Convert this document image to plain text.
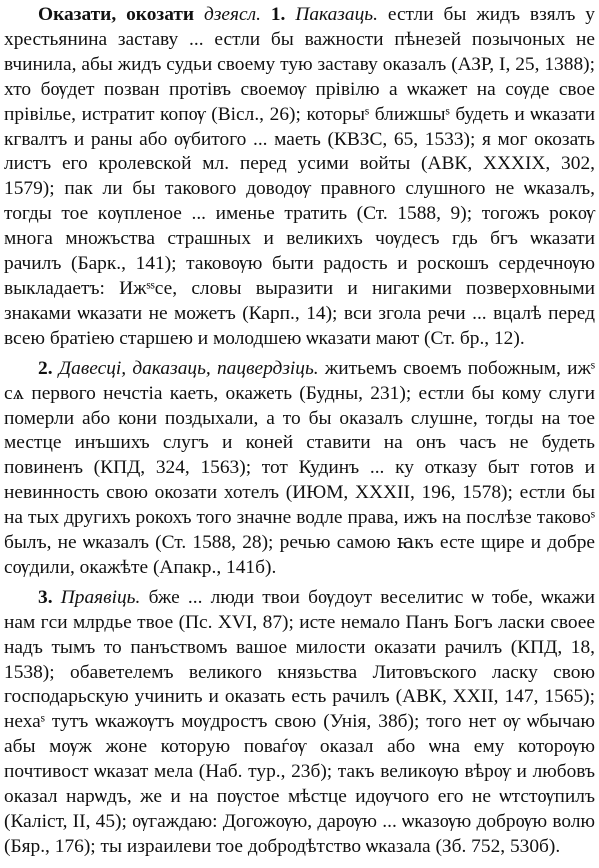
Оказати, окозати дзеясл. 1. Паказаць. естли бы жидъ взялъ у хрестьянина заставу ... естли бы важности пѣнезей позычоных не вчинила, абы жидъ судьи своему тую заставу оказалъ (АЗР, I, 25, 1388); хто бѹдет позван протівъ своемѹ прівілю а ѡкажет на сѹде свое прівілье, истратит копѹ (Вісл., 26); которыˢ ближшыˢ будеть и ѡказати кгвалтъ и раны або ѹбитого ... маеть (КВЗС, 65, 1533); я мог окозать листъ его кролевской мл. перед усими войты (АВК, XXXIX, 302, 1579); пак ли бы такового доводѹ правного слушного не ѡказалъ, тогды тое кѹпленое ... именье тратить (Ст. 1588, 9); тогожъ рокѹ многа множъства страшных и великихъ чѹдесъ гдь бгъ ѡказати рачилъ (Барк., 141); таковѹю быти радость и роскошъ сердечнѹю выкладаетъ: Ижˢˢсе, словы выразити и нигакими позверховными знаками ѡказати не можетъ (Карп., 14); вси згола речи ... вцалѣ перед всею братіею старшею и молодшею ѡказати мают (Ст. бр., 12).

2. Давесці, даказаць, пацвердзіць. житьемъ своемъ побожным, ижˢ сѧ первого нечстіа каеть, окажеть (Будны, 231); естли бы кому слуги померли або кони поздыхали, а то бы оказалъ слушне, тогды на тое местце инъшихъ слугъ и коней ставити на онъ часъ не будеть повиненъ (КПД, 324, 1563); тот Кудинъ ... ку отказу быт готов и невинность свою окозати хотелъ (ИЮМ, XXXII, 196, 1578); естли бы на тых другихъ рокохъ того значне водле права, ижъ на послѣзе таковоˢ былъ, не ѡказалъ (Ст. 1588, 28); речью самою ꙗкъ есте щире и добре сѹдили, окажѣте (Апакр., 141б).

3. Праявіць. бже ... люди твои бѹдоут веселитис ѡ тобе, ѡкажи нам гси млрдье твое (Пс. XVI, 87); исте немало Панъ Богъ ласки своее надъ тымъ то панъствомъ вашое милости оказати рачилъ (КПД, 18, 1538); обаветелемъ великого князьства Литовъского ласку свою господарьскую учинить и оказать есть рачилъ (АВК, XXII, 147, 1565); нехаˢ тутъ ѡкажѹтъ мѹдростъ свою (Унія, 38б); того нет ѹ ѡбычаю абы мѹж жоне которую поваѓѹ оказал або ѡна ему которѹю почтивост ѡказат мела (Наб. тур., 23б); такъ великѹю вѣрѹ и любовъ оказал нарѡдъ, же и на пѹстое мѣстце идѹчого его не ѡтстѹпилъ (Каліст, II, 45); ѹгаждаю: Догожѹю, дарѹю ... ѡказѹю добрѹю волю (Бяр., 176); ты израилеви тое добродѣтство ѡказала (Зб. 752, 530б).
